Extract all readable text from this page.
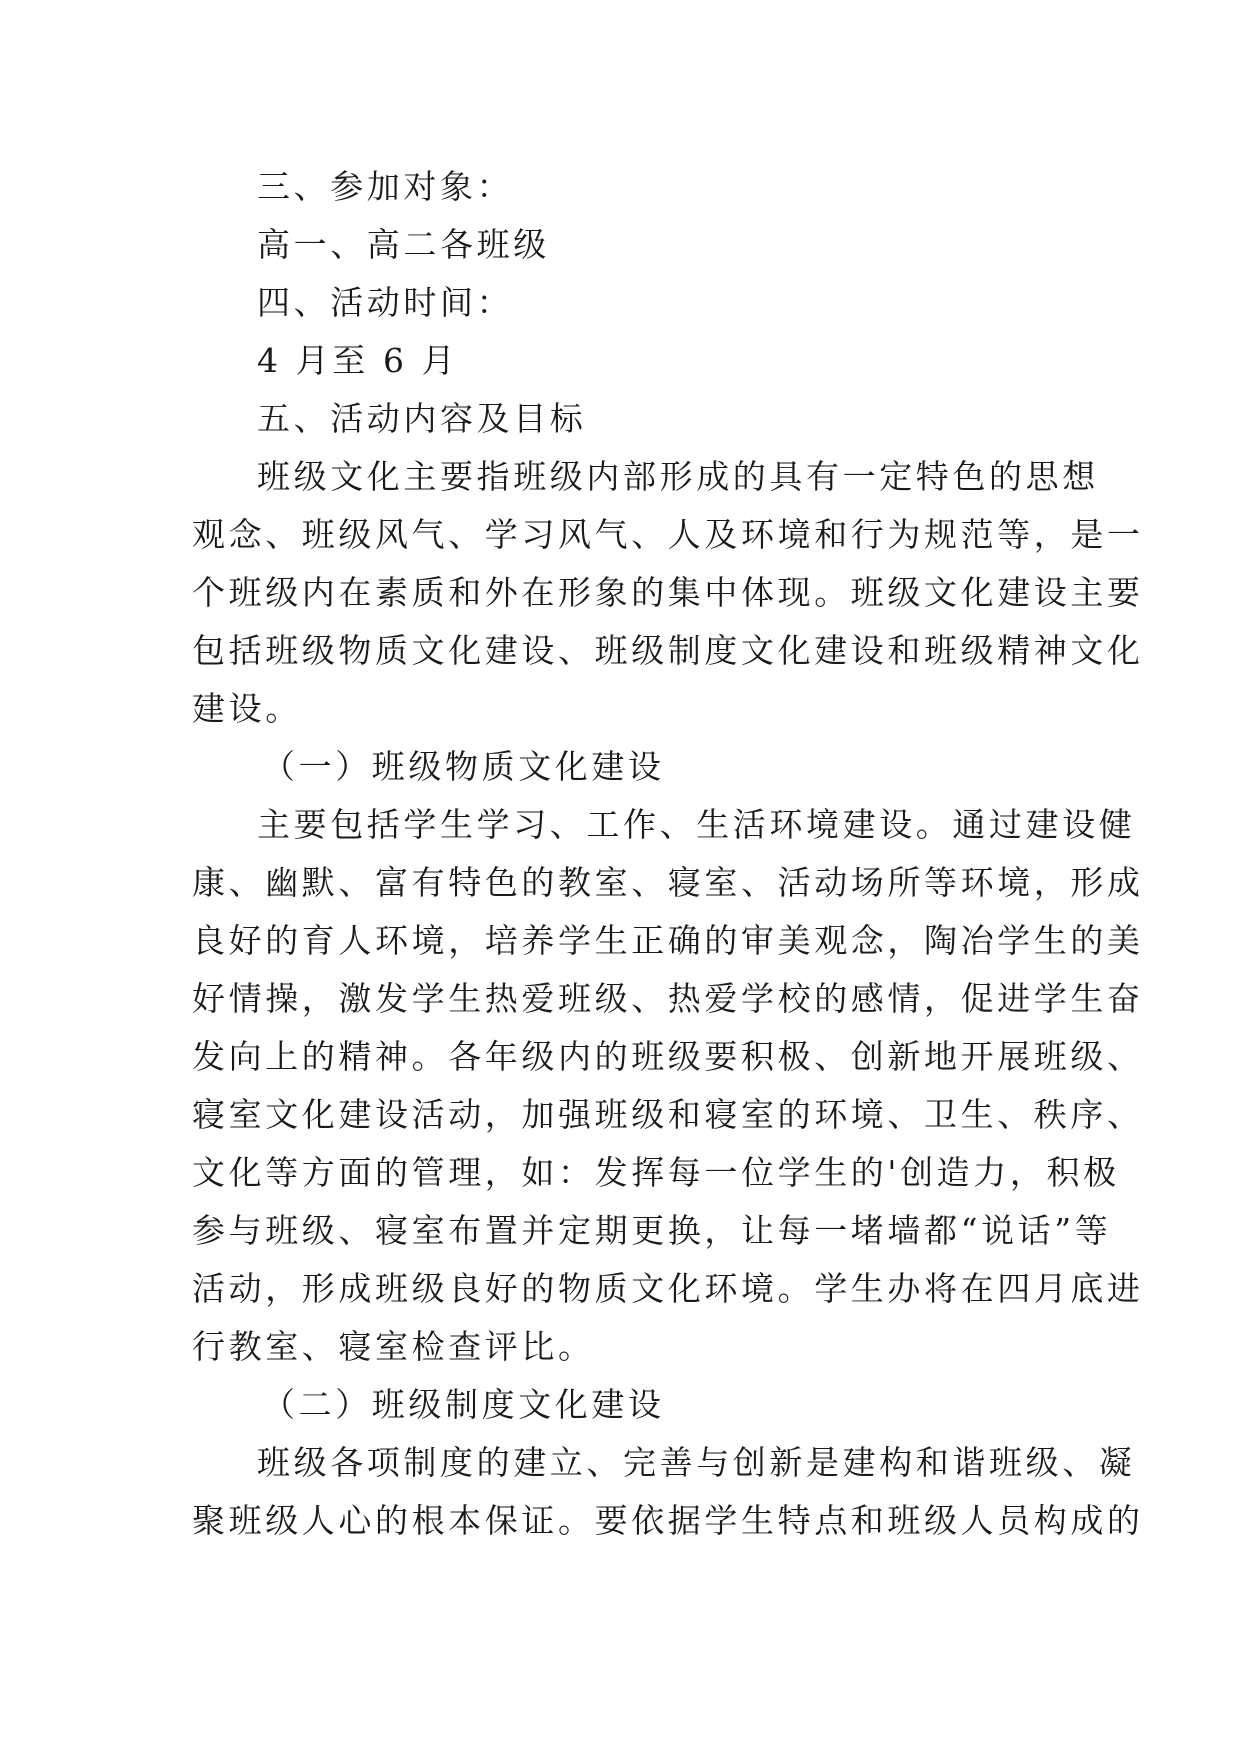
三、参加对象：
高一、高二各班级
四、活动时间：
4 月至 6 月
五、活动内容及目标
班级文化主要指班级内部形成的具有一定特色的思想
观念、班级风气、学习风气、人及环境和行为规范等，是一
个班级内在素质和外在形象的集中体现。班级文化建设主要
包括班级物质文化建设、班级制度文化建设和班级精神文化
建设。
（一）班级物质文化建设
主要包括学生学习、工作、生活环境建设。通过建设健
康、幽默、富有特色的教室、寝室、活动场所等环境，形成
良好的育人环境，培养学生正确的审美观念，陶冶学生的美
好情操，激发学生热爱班级、热爱学校的感情，促进学生奋
发向上的精神。各年级内的班级要积极、创新地开展班级、
寝室文化建设活动，加强班级和寝室的环境、卫生、秩序、
文化等方面的管理，如：发挥每一位学生的'创造力，积极
参与班级、寝室布置并定期更换，让每一堵墙都“说话”等
活动，形成班级良好的物质文化环境。学生办将在四月底进
行教室、寝室检查评比。
（二）班级制度文化建设
班级各项制度的建立、完善与创新是建构和谐班级、凝
聚班级人心的根本保证。要依据学生特点和班级人员构成的
